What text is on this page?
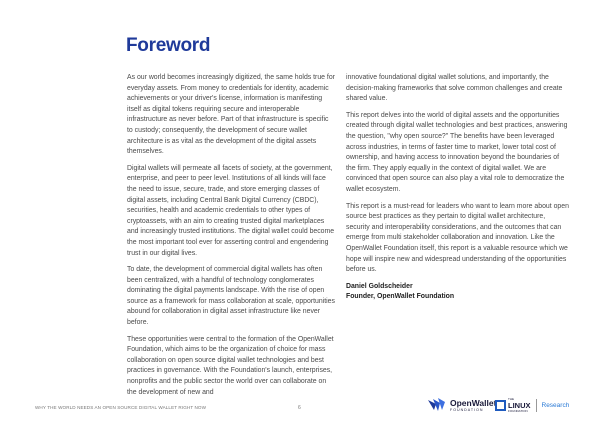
Foreword

As our world becomes increasingly digitized, the same holds true for everyday assets. From money to credentials for identity, academic achievements or your driver's license, information is manifesting itself as digital tokens requiring secure and interoperable infrastructure as never before. Part of that infrastructure is specific to custody; consequently, the development of secure wallet architecture is as vital as the development of the digital assets themselves.

Digital wallets will permeate all facets of society, at the government, enterprise, and peer to peer level. Institutions of all kinds will face the need to issue, secure, trade, and store emerging classes of digital assets, including Central Bank Digital Currency (CBDC), securities, health and academic credentials to other types of cryptoassets, with an aim to creating trusted digital marketplaces and increasingly trusted institutions. The digital wallet could become the most important tool ever for asserting control and engendering trust in our digital lives.

To date, the development of commercial digital wallets has often been centralized, with a handful of technology conglomerates dominating the digital payments landscape. With the rise of open source as a framework for mass collaboration at scale, opportunities abound for collaboration in digital asset infrastructure like never before.

These opportunities were central to the formation of the OpenWallet Foundation, which aims to be the organization of choice for mass collaboration on open source digital wallet technologies and best practices in governance. With the Foundation's launch, enterprises, nonprofits and the public sector the world over can collaborate on the development of new and

innovative foundational digital wallet solutions, and importantly, the decision-making frameworks that solve common challenges and create shared value.

This report delves into the world of digital assets and the opportunities created through digital wallet technologies and best practices, answering the question, "why open source?" The benefits have been leveraged across industries, in terms of faster time to market, lower total cost of ownership, and having access to innovation beyond the boundaries of the firm. They apply equally in the context of digital wallet. We are convinced that open source can also play a vital role to democratize the wallet ecosystem.

This report is a must-read for leaders who want to learn more about open source best practices as they pertain to digital wallet architecture, security and interoperability considerations, and the outcomes that can emerge from multi stakeholder collaboration and innovation. Like the OpenWallet Foundation itself, this report is a valuable resource which we hope will inspire new and widespread understanding of the opportunities before us.

Daniel Goldscheider

Founder, OpenWallet Foundation

WHY THE WORLD NEEDS AN OPEN SOURCE DIGITAL WALLET RIGHT NOW	6
OpenWallet
FOUNDATION
THE
LINUX
FOUNDATION
Research
